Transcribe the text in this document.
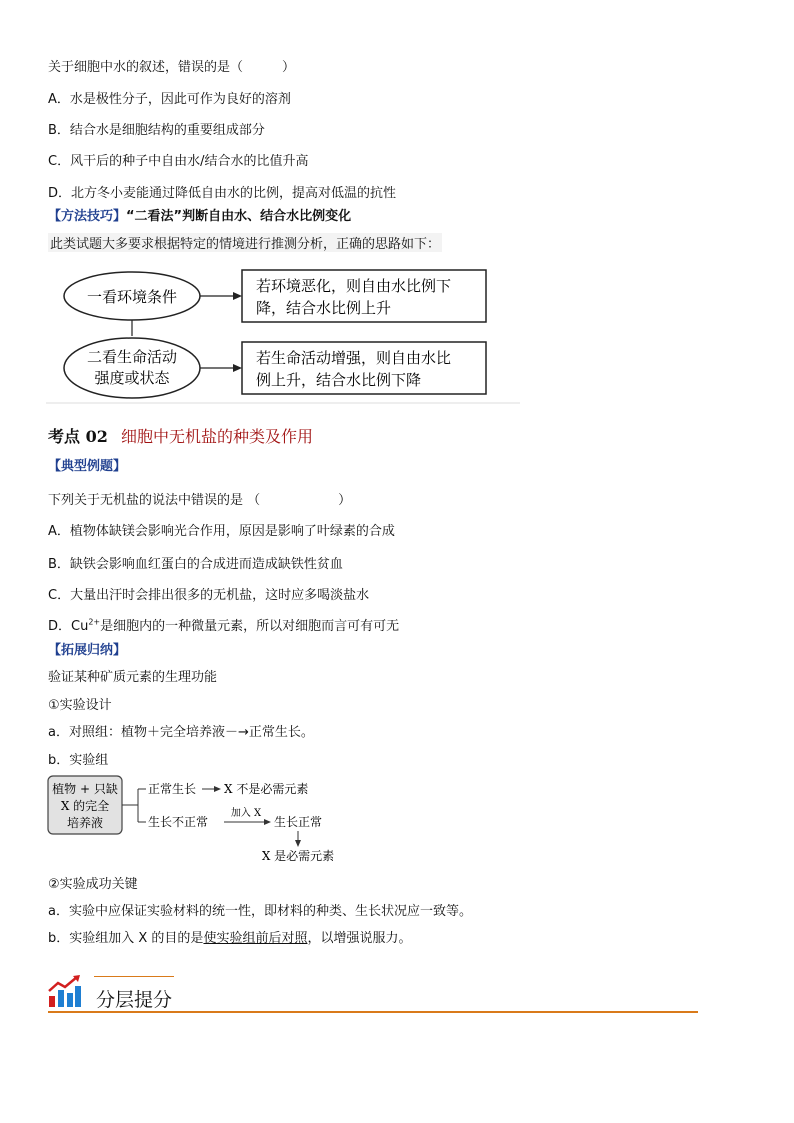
关于细胞中水的叙述，错误的是（　　　）
A．水是极性分子，因此可作为良好的溶剂
B．结合水是细胞结构的重要组成部分
C．风干后的种子中自由水/结合水的比值升高
D．北方冬小麦能通过降低自由水的比例，提高对低温的抗性
【方法技巧】“二看法”判断自由水、结合水比例变化
此类试题大多要求根据特定的情境进行推测分析，正确的思路如下：
一看环境条件
若环境恶化，则自由水比例下
降，结合水比例上升
二看生命活动
强度或状态
若生命活动增强，则自由水比
例上升，结合水比例下降
考点 02 细胞中无机盐的种类及作用
【典型例题】
下列关于无机盐的说法中错误的是 （　　　　　　）
A．植物体缺镁会影响光合作用，原因是影响了叶绿素的合成
B．缺铁会影响血红蛋白的合成进而造成缺铁性贫血
C．大量出汗时会排出很多的无机盐，这时应多喝淡盐水
D．$Cu^{2+}$是细胞内的一种微量元素，所以对细胞而言可有可无
【拓展归纳】
验证某种矿质元素的生理功能
①实验设计
a．对照组：植物＋完全培养液－→正常生长。
b．实验组
植物 + 只缺
X 的完全
培养液
正常生长 X 不是必需元素
生长不正常
加入 X
生长正常
X 是必需元素
②实验成功关键
a．实验中应保证实验材料的统一性，即材料的种类、生长状况应一致等。
b．实验组加入 X 的目的是使实验组前后对照，以增强说服力。
分层提分
